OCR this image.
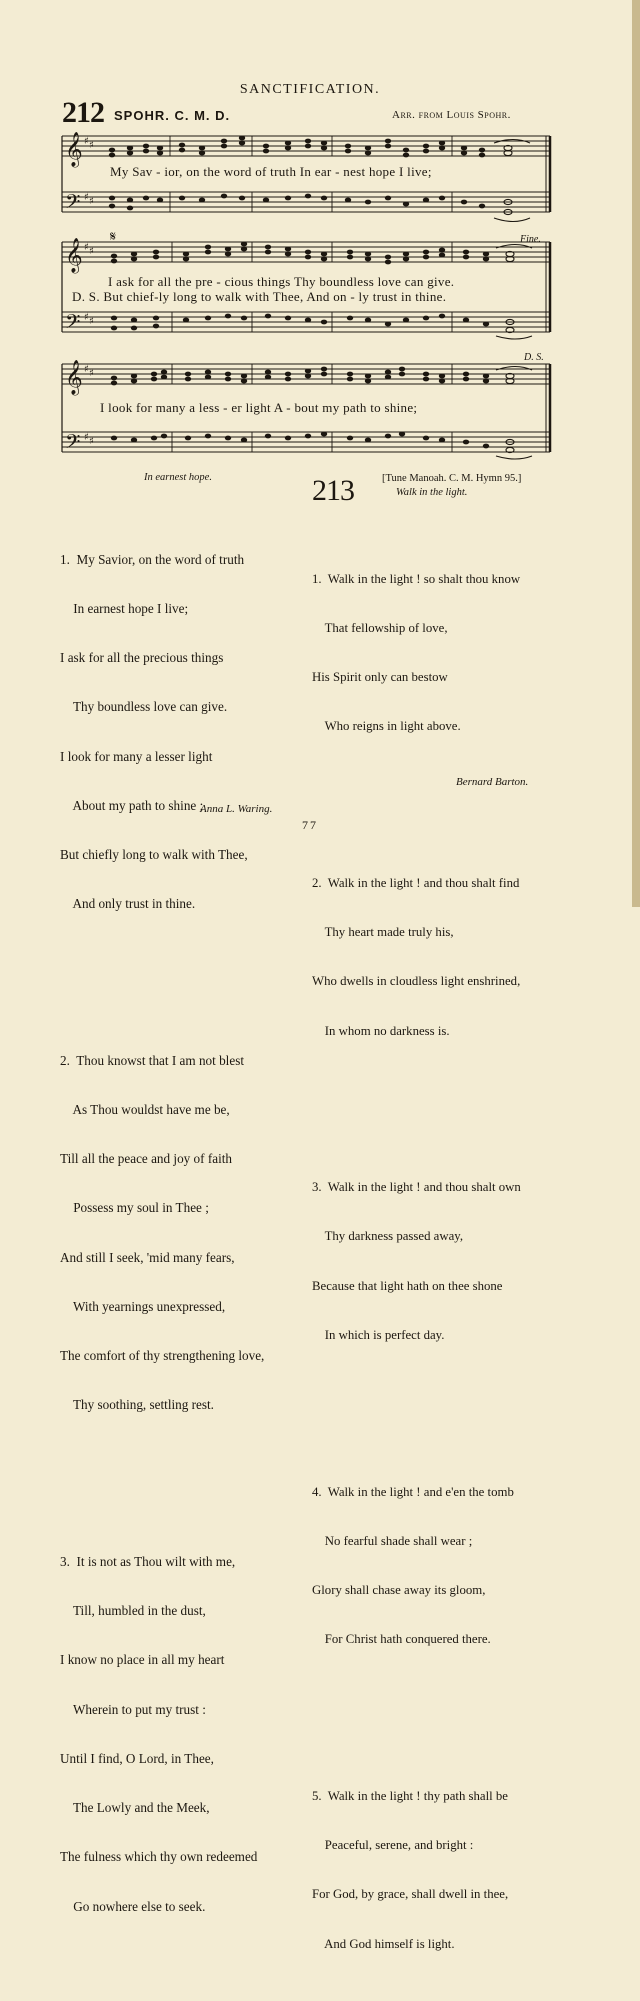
SANCTIFICATION.
212 SPOHR. C. M. D.	Arr. from Louis Spohr.
𝄞
𝄢
♯ ♯
♯ ♯
My Sav - ior, on the word of truth In ear - nest hope I live;
𝄞
𝄢
♯ ♯
♯ ♯
𝄋	Fine.
I ask for all the pre - cious things Thy boundless love can give.
D. S. But chief-ly long to walk with Thee, And on - ly trust in thine.
𝄞
𝄢
♯ ♯
♯ ♯
D. S.
I look for many a less - er light A - bout my path to shine;
In earnest hope.

1.  My Savior, on the word of truth

In earnest hope I live;

I ask for all the precious things

Thy boundless love can give.

I look for many a lesser light

About my path to shine ;

But chiefly long to walk with Thee,

And only trust in thine.

2.  Thou knowst that I am not blest

As Thou wouldst have me be,

Till all the peace and joy of faith

Possess my soul in Thee ;

And still I seek, 'mid many fears,

With yearnings unexpressed,

The comfort of thy strengthening love,

Thy soothing, settling rest.

3.  It is not as Thou wilt with me,

Till, humbled in the dust,

I know no place in all my heart

Wherein to put my trust :

Until I find, O Lord, in Thee,

The Lowly and the Meek,

The fulness which thy own redeemed

Go nowhere else to seek.

Anna L. Waring.
213	[Tune Manoah. C. M. Hymn 95.]
Walk in the light.

1.  Walk in the light ! so shalt thou know

That fellowship of love,

His Spirit only can bestow

Who reigns in light above.

2.  Walk in the light ! and thou shalt find

Thy heart made truly his,

Who dwells in cloudless light enshrined,

In whom no darkness is.

3.  Walk in the light ! and thou shalt own

Thy darkness passed away,

Because that light hath on thee shone

In which is perfect day.

4.  Walk in the light ! and e'en the tomb

No fearful shade shall wear ;

Glory shall chase away its gloom,

For Christ hath conquered there.

5.  Walk in the light ! thy path shall be

Peaceful, serene, and bright :

For God, by grace, shall dwell in thee,

And God himself is light.

Bernard Barton.
77
